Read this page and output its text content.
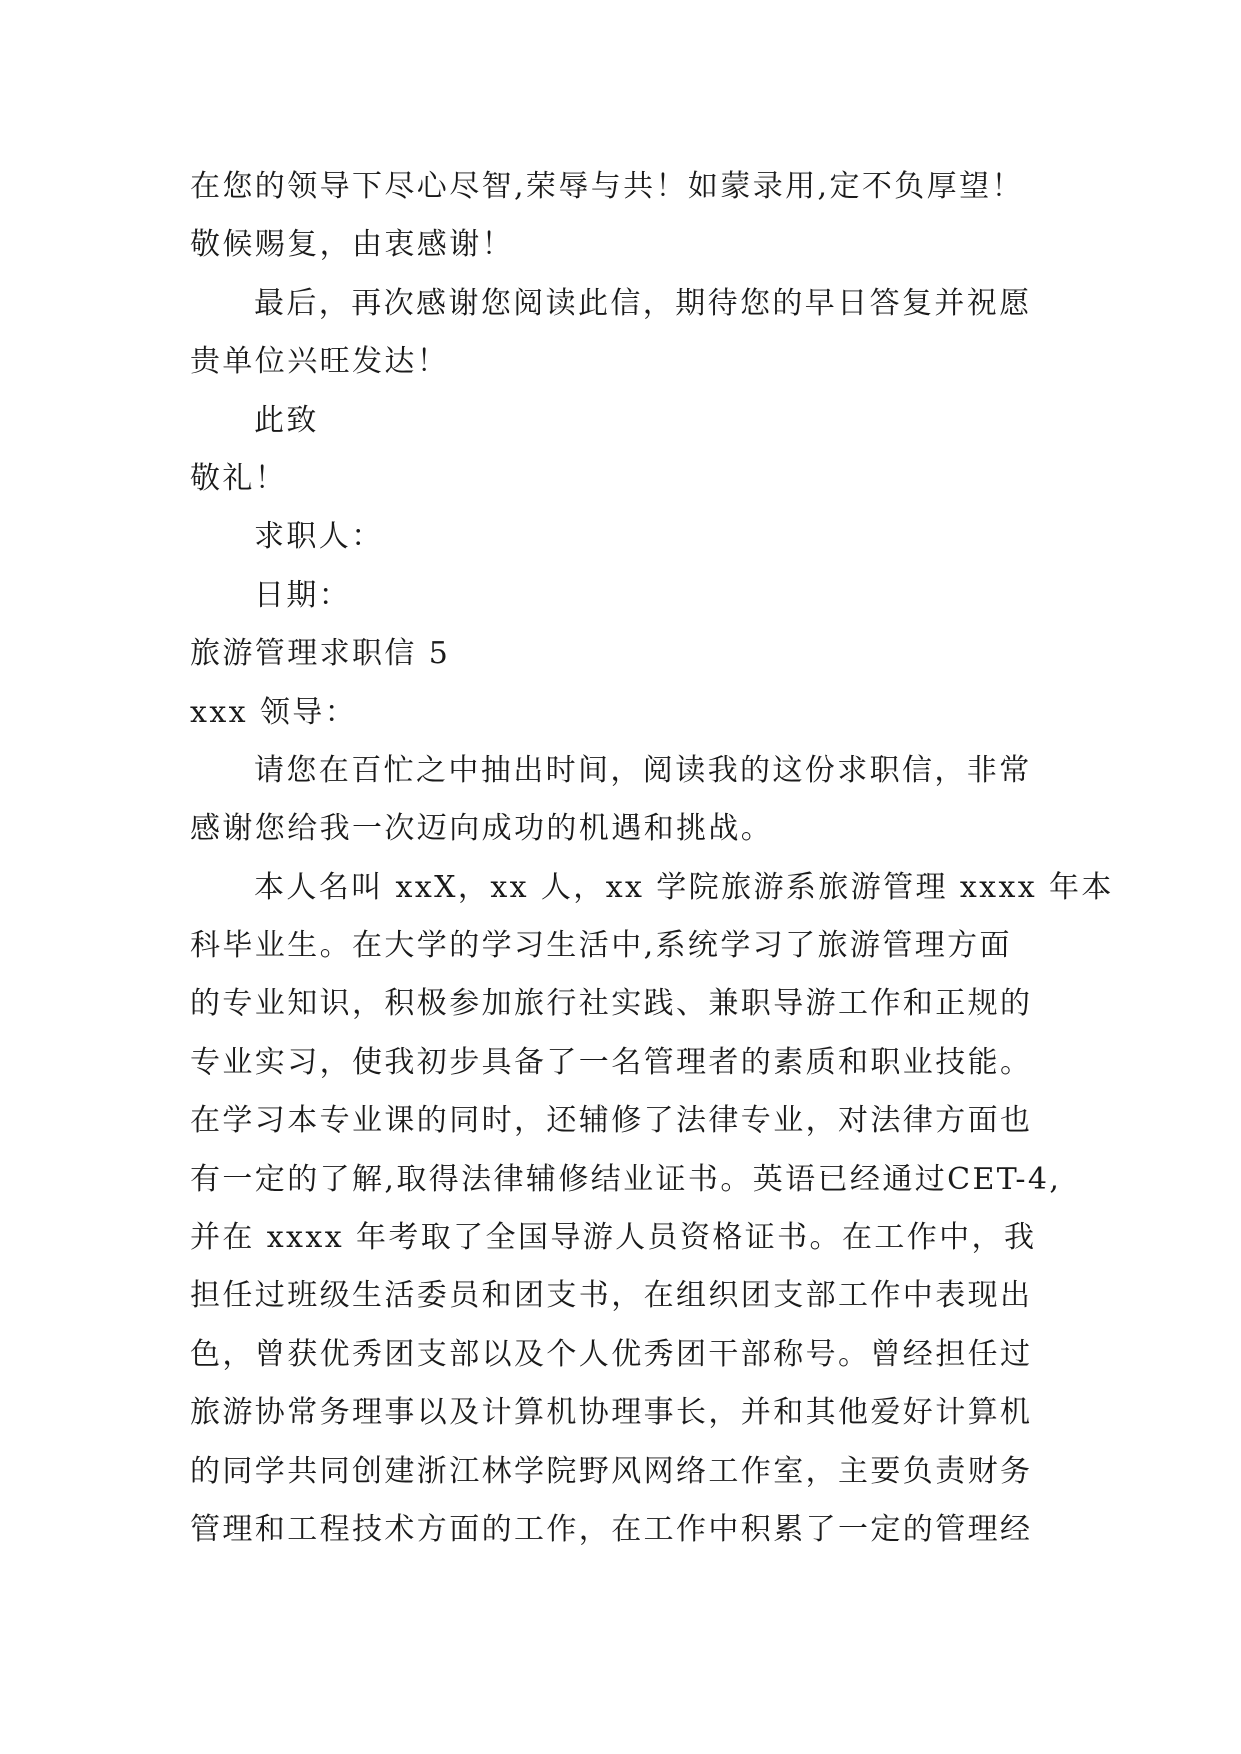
在您的领导下尽心尽智,荣辱与共！如蒙录用,定不负厚望！
敬候赐复，由衷感谢！
最后，再次感谢您阅读此信，期待您的早日答复并祝愿
贵单位兴旺发达！
此致
敬礼！
求职人：
日期：
旅游管理求职信 5
xxx 领导：
请您在百忙之中抽出时间，阅读我的这份求职信，非常
感谢您给我一次迈向成功的机遇和挑战。
本人名叫 xxX，xx 人，xx 学院旅游系旅游管理 xxxx 年本
科毕业生。在大学的学习生活中,系统学习了旅游管理方面
的专业知识，积极参加旅行社实践、兼职导游工作和正规的
专业实习，使我初步具备了一名管理者的素质和职业技能。
在学习本专业课的同时，还辅修了法律专业，对法律方面也
有一定的了解,取得法律辅修结业证书。英语已经通过CET-4,
并在 xxxx 年考取了全国导游人员资格证书。在工作中，我
担任过班级生活委员和团支书，在组织团支部工作中表现出
色，曾获优秀团支部以及个人优秀团干部称号。曾经担任过
旅游协常务理事以及计算机协理事长，并和其他爱好计算机
的同学共同创建浙江林学院野风网络工作室，主要负责财务
管理和工程技术方面的工作，在工作中积累了一定的管理经
